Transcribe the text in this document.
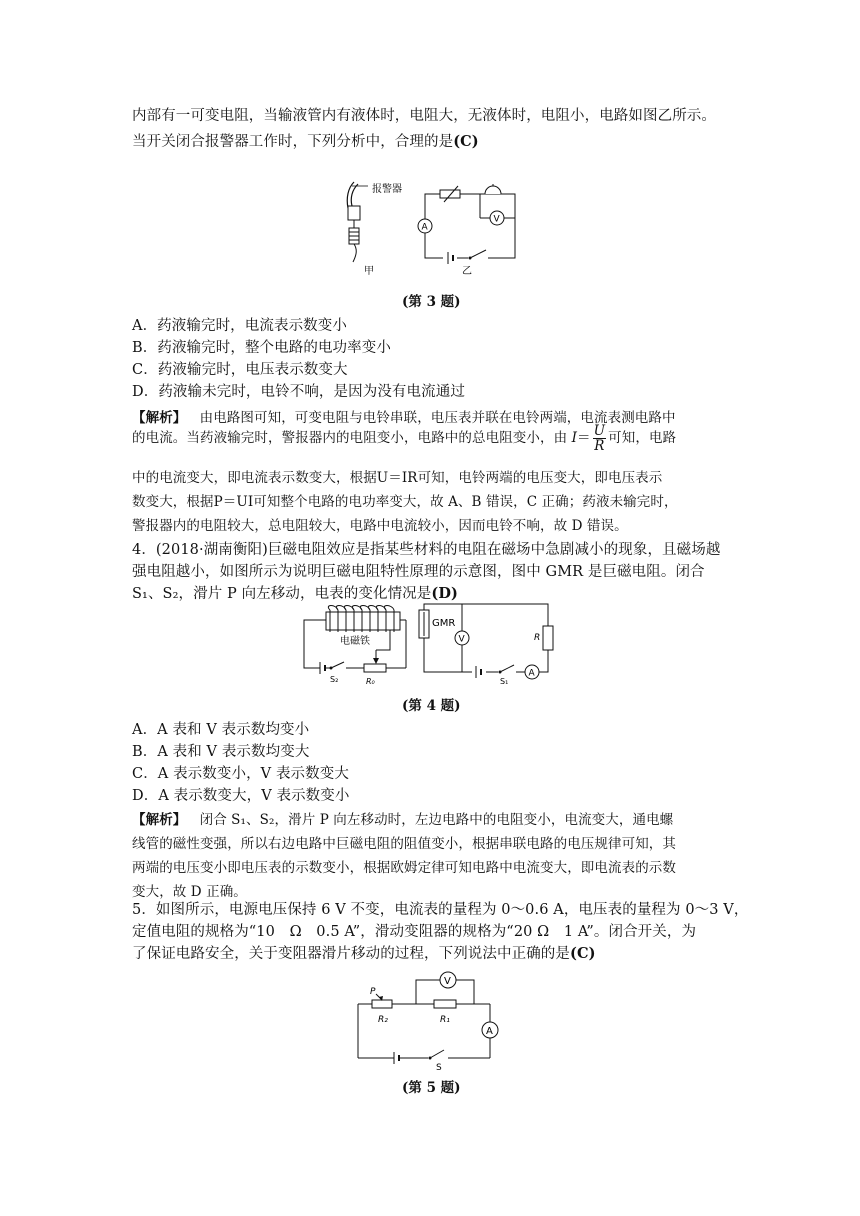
内部有一可变电阻，当输液管内有液体时，电阻大，无液体时，电阻小，电路如图乙所示。
当开关闭合报警器工作时，下列分析中，合理的是(C)
报警器
甲
V
A
乙
(第 3 题)
A．药液输完时，电流表示数变小
B．药液输完时，整个电路的电功率变小
C．药液输完时，电压表示数变大
D．药液输未完时，电铃不响，是因为没有电流通过
【解析】 由电路图可知，可变电阻与电铃串联，电压表并联在电铃两端，电流表测电路中
的电流。当药液输完时，警报器内的电阻变小，电路中的总电阻变小，由 $I= \frac{U}{R}$ 可知，电路
中的电流变大，即电流表示数变大，根据U＝IR可知，电铃两端的电压变大，即电压表示
数变大，根据P＝UI可知整个电路的电功率变大，故 A、B 错误，C 正确；药液未输完时，
警报器内的电阻较大，总电阻较大，电路中电流较小，因而电铃不响，故 D 错误。
4．(2018·湖南衡阳)巨磁电阻效应是指某些材料的电阻在磁场中急剧减小的现象，且磁场越
强电阻越小，如图所示为说明巨磁电阻特性原理的示意图，图中 GMR 是巨磁电阻。闭合
S₁、S₂，滑片 P 向左移动，电表的变化情况是(D)
电磁铁
S₂	R₀
GMR
V	R
S₁
A
(第 4 题)
A．A 表和 V 表示数均变小
B．A 表和 V 表示数均变大
C．A 表示数变小，V 表示数变大
D．A 表示数变大，V 表示数变小
【解析】 闭合 S₁、S₂，滑片 P 向左移动时，左边电路中的电阻变小，电流变大，通电螺
线管的磁性变强，所以右边电路中巨磁电阻的阻值变小，根据串联电路的电压规律可知，其
两端的电压变小即电压表的示数变小，根据欧姆定律可知电路中电流变大，即电流表的示数
变大，故 D 正确。
5．如图所示，电源电压保持 6 V 不变，电流表的量程为 0～0.6 A，电压表的量程为 0～3 V，
定值电阻的规格为“10　Ω　0.5 A”，滑动变阻器的规格为“20 Ω　1 A”。闭合开关，为
了保证电路安全，关于变阻器滑片移动的过程，下列说法中正确的是(C)
V
P
R₂	R₁
A
S
(第 5 题)
